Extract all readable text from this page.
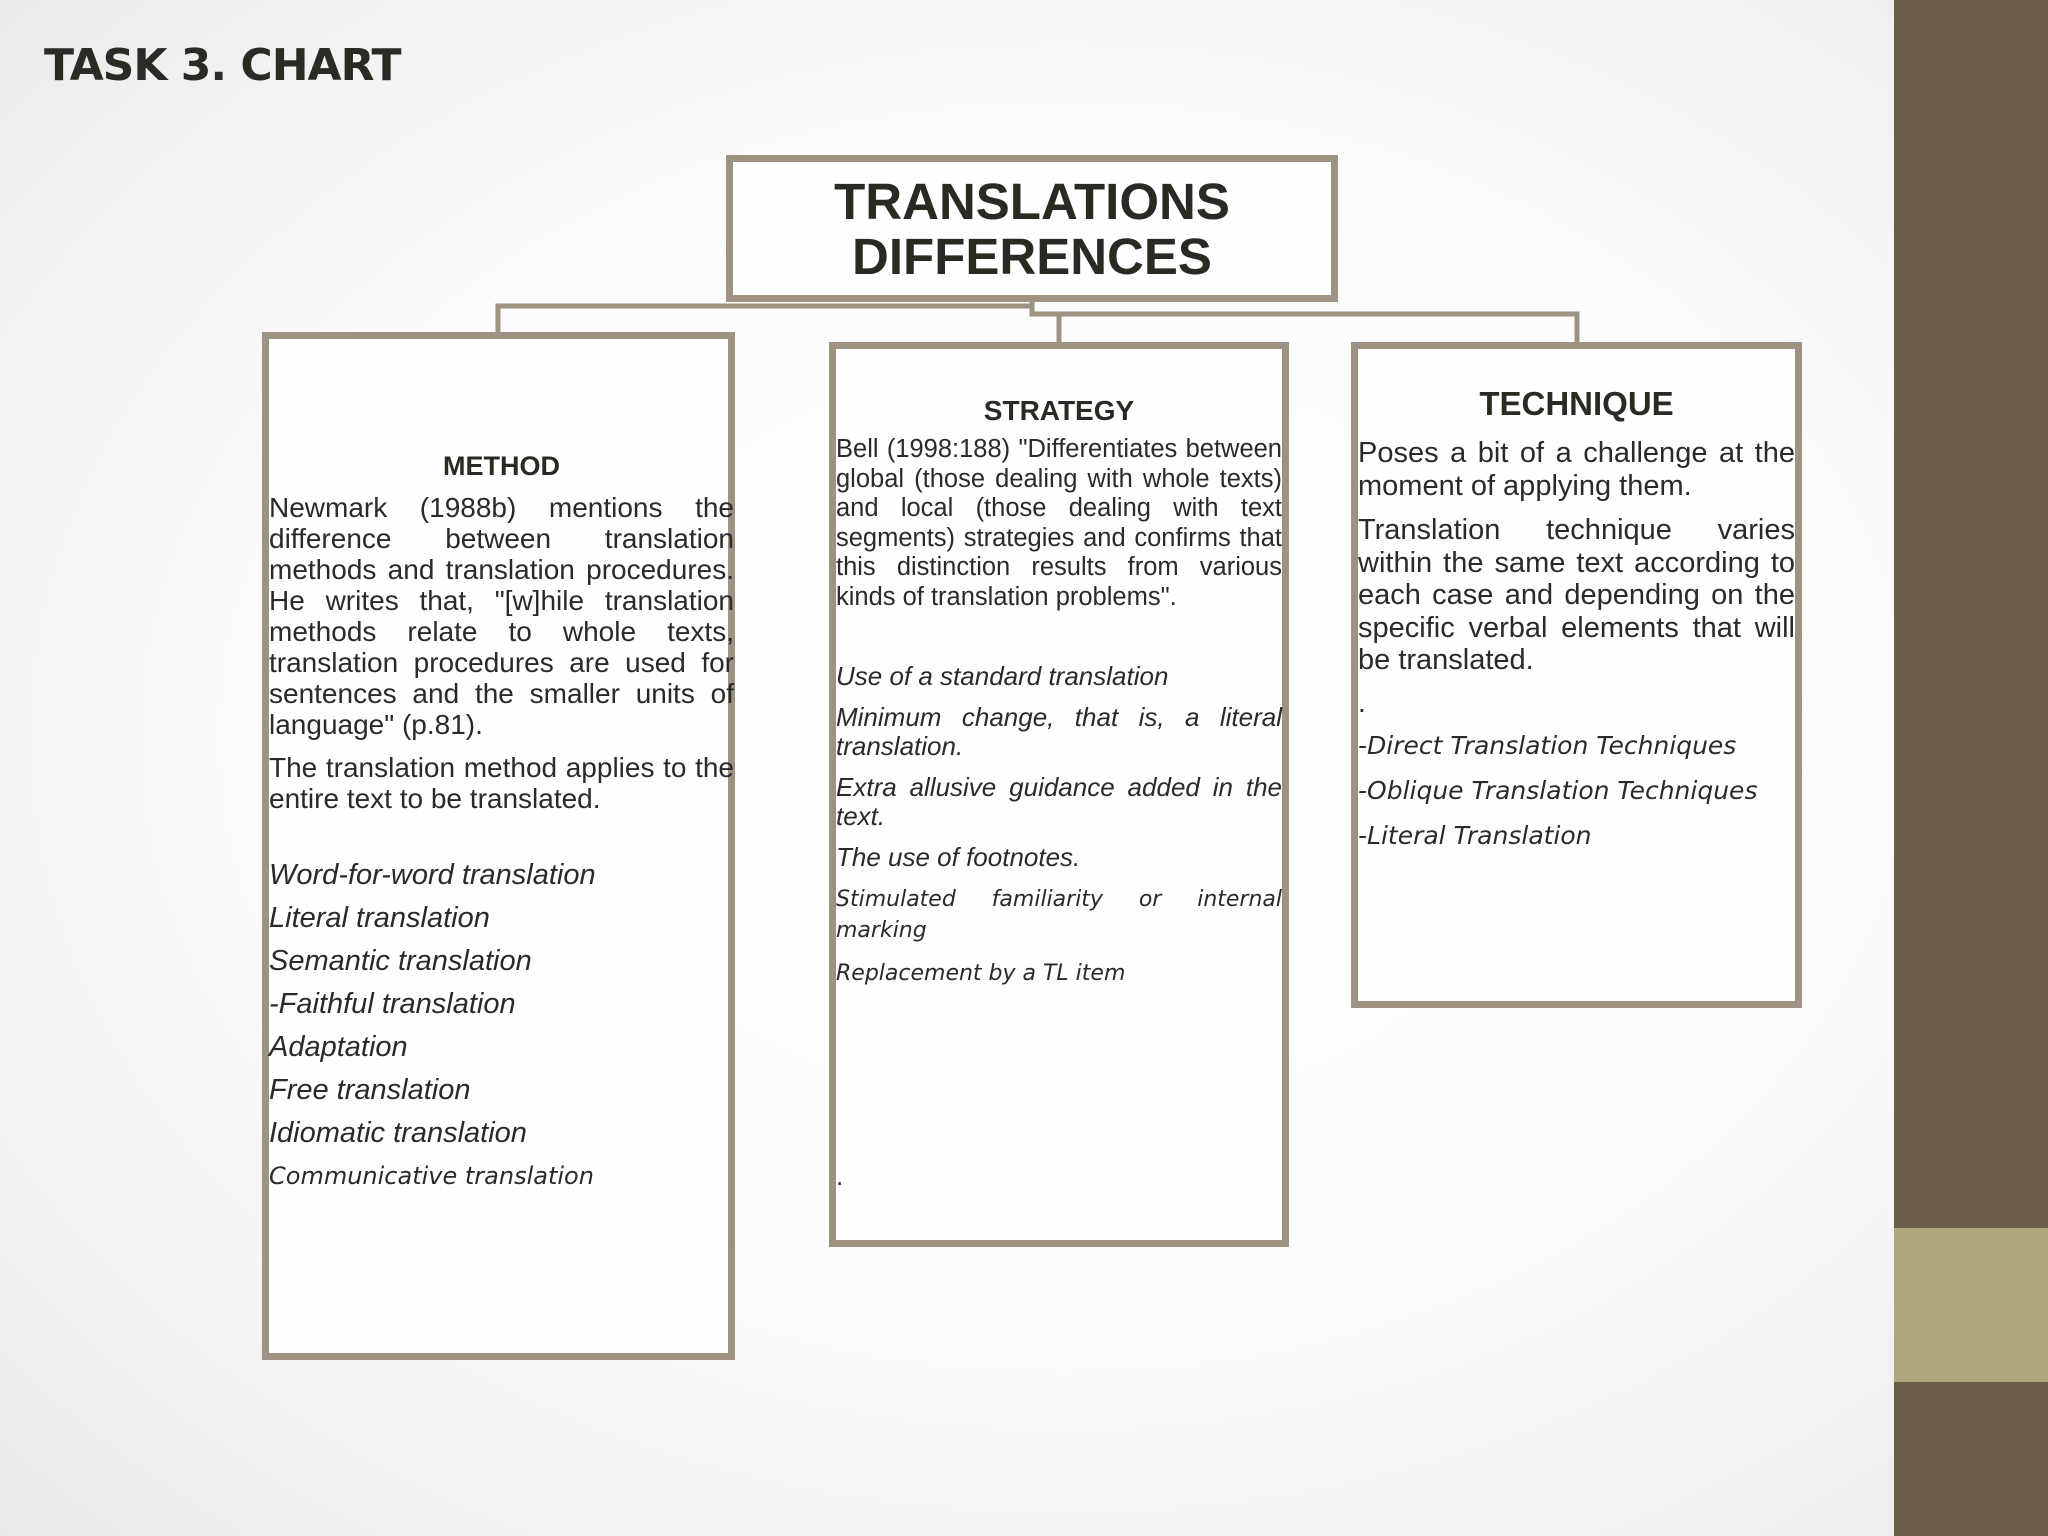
TASK 3. CHART
TRANSLATIONS
DIFFERENCES
METHOD

Newmark (1988b) mentions the difference between translation methods and translation procedures. He writes that, "[w]hile translation methods relate to whole texts, translation procedures are used for sentences and the smaller units of language" (p.81).

The translation method applies to the entire text to be translated.

Word-for-word translation

Literal translation

Semantic translation

-Faithful translation

Adaptation

Free translation

Idiomatic translation

Communicative translation

STRATEGY

Bell (1998:188) "Differentiates between global (those dealing with whole texts) and local (those dealing with text segments) strategies and confirms that this distinction results from various kinds of translation problems".

Use of a standard translation

Minimum change, that is, a literal translation.

Extra allusive guidance added in the text.

The use of footnotes.

Stimulated familiarity or internal marking

Replacement by a TL item

.
TECHNIQUE

Poses a bit of a challenge at the moment of applying them.

Translation technique varies within the same text according to each case and depending on the specific verbal elements that will be translated.

.

-Direct Translation Techniques

-Oblique Translation Techniques

-Literal Translation
